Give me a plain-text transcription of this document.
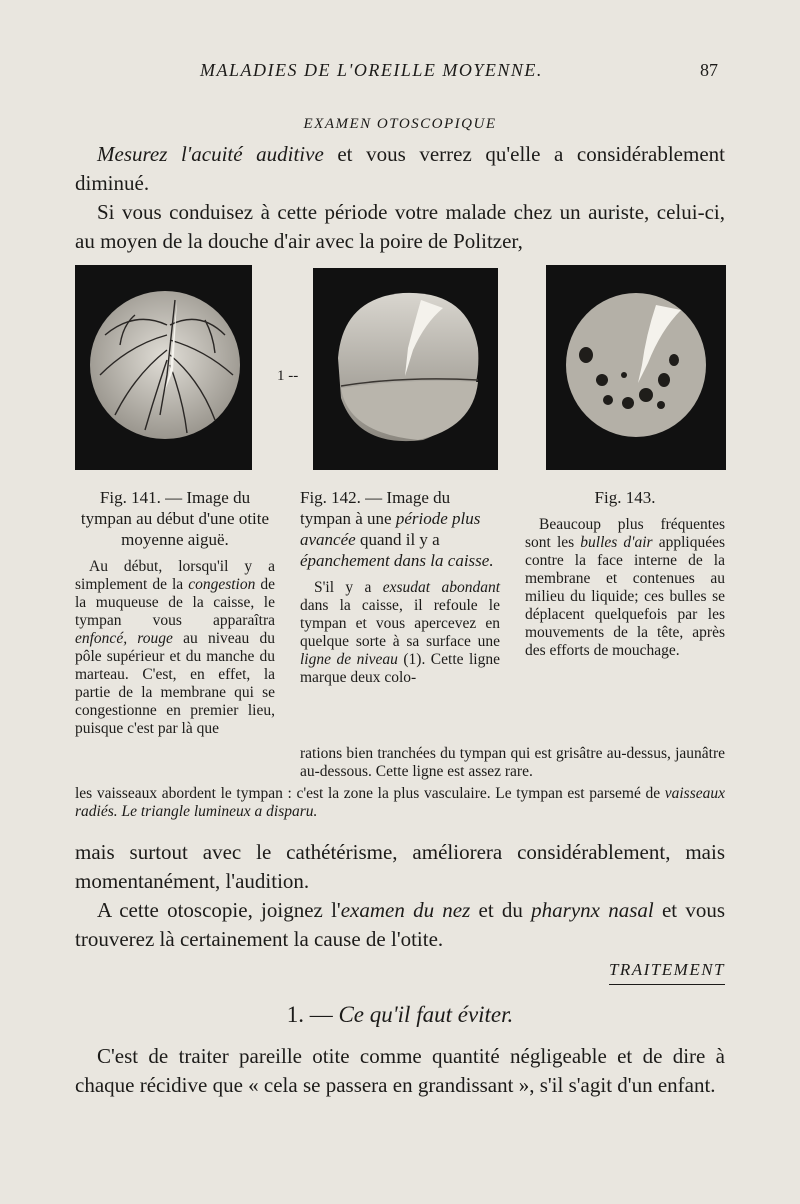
MALADIES DE L'OREILLE MOYENNE.	87
EXAMEN OTOSCOPIQUE

Mesurez l'acuité auditive et vous verrez qu'elle a considérablement diminué.

Si vous conduisez à cette période votre malade chez un auriste, celui-ci, au moyen de la douche d'air avec la poire de Politzer,

1 --
Fig. 141. — Image du tympan au début d'une otite moyenne aiguë.

Au début, lorsqu'il y a simplement de la congestion de la muqueuse de la caisse, le tympan vous apparaîtra enfoncé, rouge au niveau du pôle supérieur et du manche du marteau. C'est, en effet, la partie de la membrane qui se congestionne en premier lieu, puisque c'est par là que

Fig. 142. — Image du tympan à une période plus avancée quand il y a épanchement dans la caisse.

S'il y a exsudat abondant dans la caisse, il refoule le tympan et vous apercevez en quelque sorte à sa surface une ligne de niveau (1). Cette ligne marque deux colo-

Fig. 143.

Beaucoup plus fréquentes sont les bulles d'air appliquées contre la face interne de la membrane et contenues au milieu du liquide; ces bulles se déplacent quelquefois par les mouvements de la tête, après des efforts de mouchage.

rations bien tranchées du tympan qui est grisâtre au-dessus, jaunâtre au-dessous. Cette ligne est assez rare.
les vaisseaux abordent le tympan : c'est la zone la plus vasculaire. Le tympan est parsemé de vaisseaux radiés. Le triangle lumineux a disparu.

mais surtout avec le cathétérisme, améliorera considérablement, mais momentanément, l'audition.

A cette otoscopie, joignez l'examen du nez et du pharynx nasal et vous trouverez là certainement la cause de l'otite.

TRAITEMENT
1. — Ce qu'il faut éviter.

C'est de traiter pareille otite comme quantité négligeable et de dire à chaque récidive que « cela se passera en grandissant », s'il s'agit d'un enfant.
